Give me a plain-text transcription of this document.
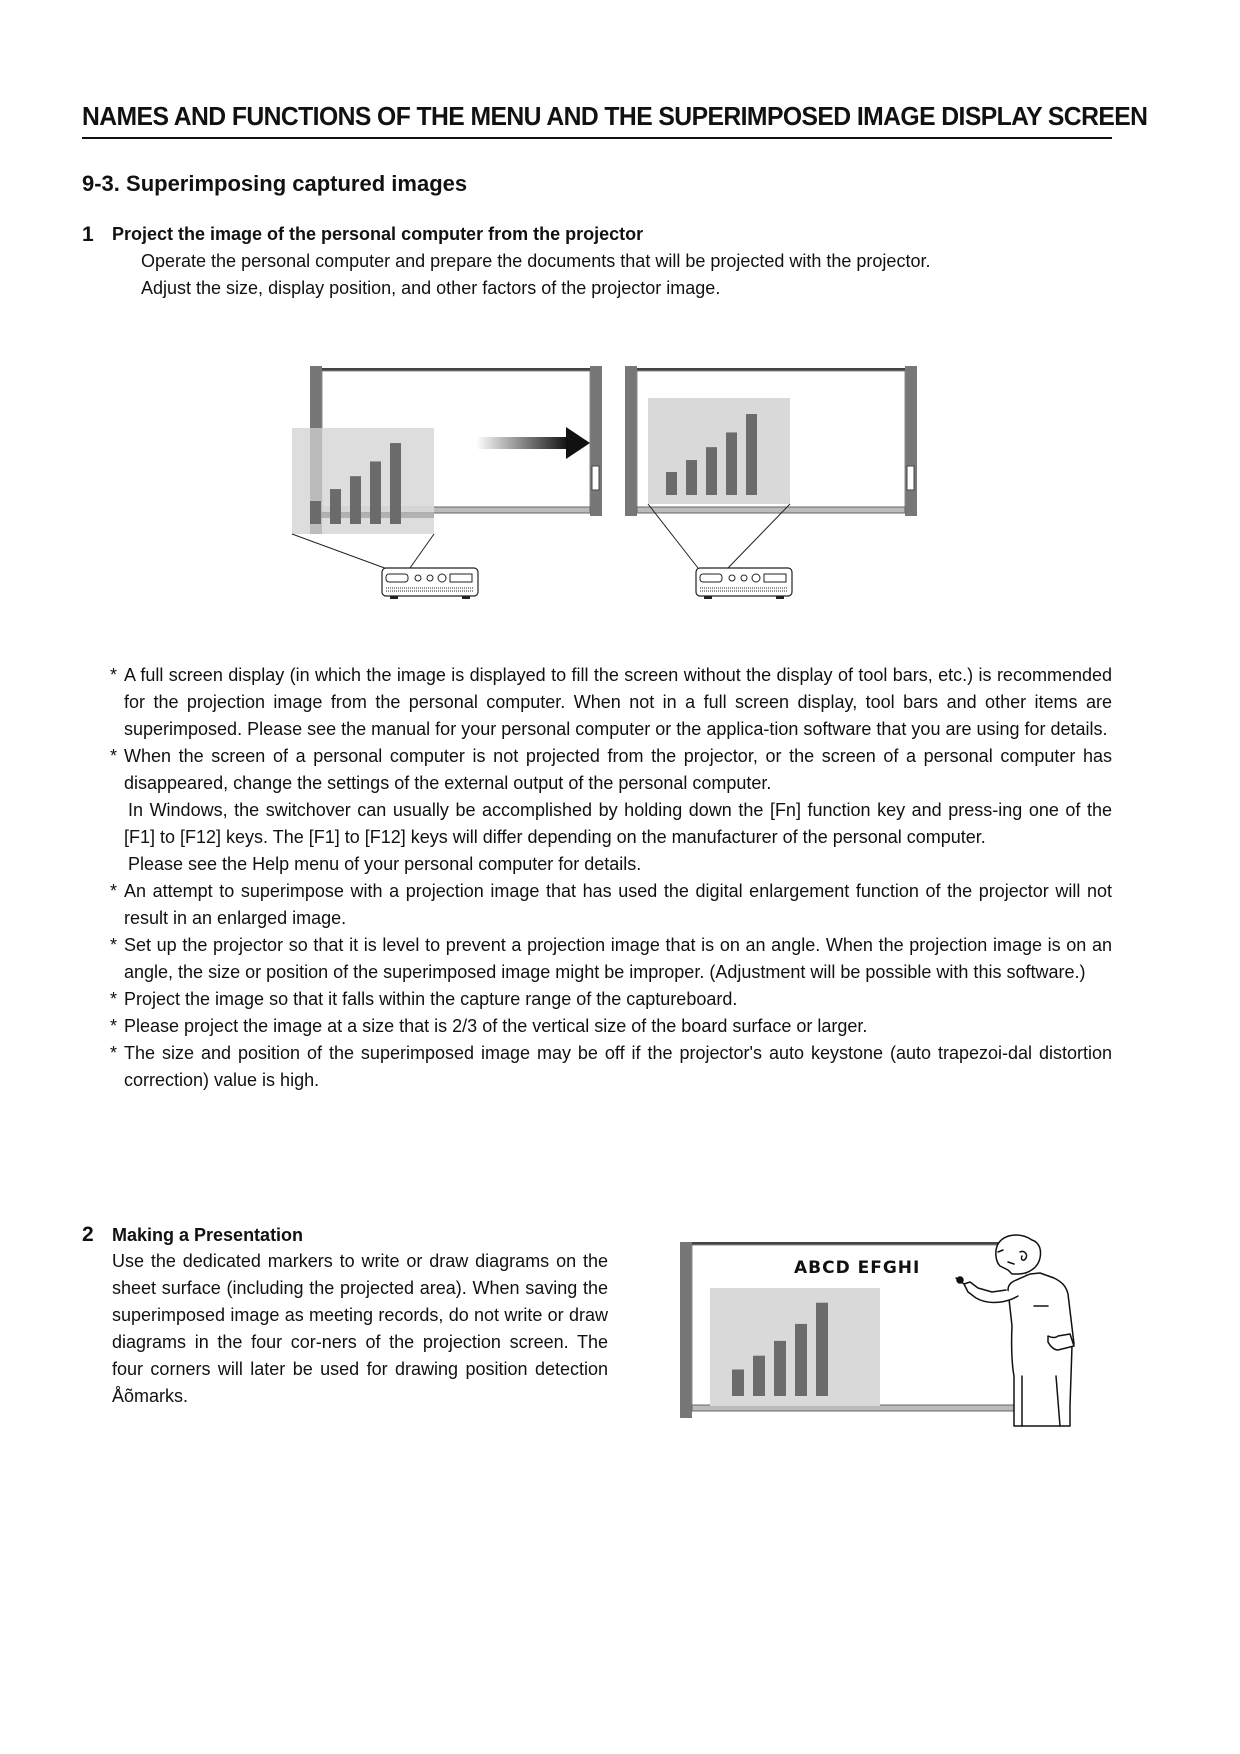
NAMES AND FUNCTIONS OF THE MENU AND THE SUPERIMPOSED IMAGE DISPLAY SCREEN
9-3. Superimposing captured images
1 Project the image of the personal computer from the projector

Operate the personal computer and prepare the documents that will be projected with the projector.

Adjust the size, display position, and other factors of the projector image.

* A full screen display (in which the image is displayed to fill the screen without the display of tool bars, etc.) is recommended for the projection image from the personal computer. When not in a full screen display, tool bars and other items are superimposed. Please see the manual for your personal computer or the applica-tion software that you are using for details.
* When the screen of a personal computer is not projected from the projector, or the screen of a personal computer has disappeared, change the settings of the external output of the personal computer.
In Windows, the switchover can usually be accomplished by holding down the [Fn] function key and press-ing one of the [F1] to [F12] keys. The [F1] to [F12] keys will differ depending on the manufacturer of the personal computer.
Please see the Help menu of your personal computer for details.
* An attempt to superimpose with a projection image that has used the digital enlargement function of the projector will not result in an enlarged image.
* Set up the projector so that it is level to prevent a projection image that is on an angle. When the projection image is on an angle, the size or position of the superimposed image might be improper. (Adjustment will be possible with this software.)
* Project the image so that it falls within the capture range of the captureboard.
* Please project the image at a size that is 2/3 of the vertical size of the board surface or larger.
* The size and position of the superimposed image may be off if the projector's auto keystone (auto trapezoi-dal distortion correction) value is high.
2 Making a Presentation
Use the dedicated markers to write or draw diagrams on the sheet surface (including the projected area). When saving the superimposed image as meeting records, do not write or draw diagrams in the four cor-ners of the projection screen. The four corners will later be used for drawing position detection Åõmarks.
ABCD EFGHI
